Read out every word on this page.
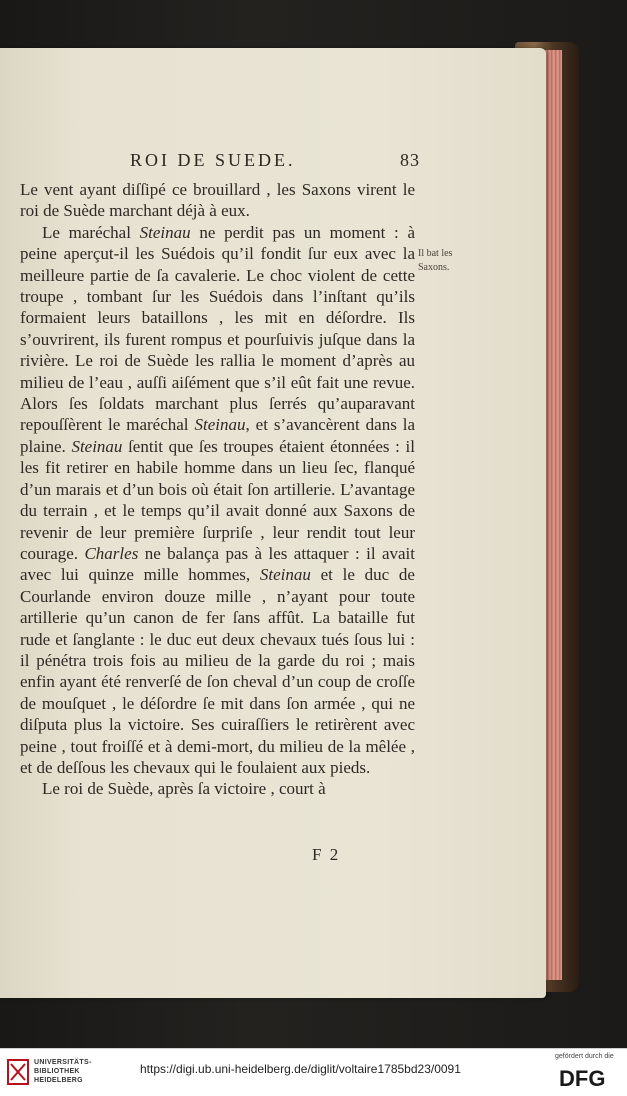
ROI DE SUEDE.	83

Le vent ayant diſſipé ce brouillard , les Saxons virent le roi de Suède marchant déjà à eux.

Le maréchal Steinau ne perdit pas un moment : à peine aperçut-il les Suédois qu’il fondit ſur eux avec la meilleure partie de ſa cavalerie. Le choc violent de cette troupe , tombant ſur les Suédois dans l’inſtant qu’ils formaient leurs bataillons , les mit en déſordre. Ils s’ouvrirent, ils furent rompus et pourſuivis juſque dans la rivière. Le roi de Suède les rallia le moment d’après au milieu de l’eau , auſſi aiſément que s’il eût fait une revue. Alors ſes ſoldats marchant plus ſerrés qu’auparavant repouſſèrent le maréchal Steinau, et s’avancèrent dans la plaine. Steinau ſentit que ſes troupes étaient étonnées : il les fit retirer en habile homme dans un lieu ſec, flanqué d’un marais et d’un bois où était ſon artillerie. L’avantage du terrain , et le temps qu’il avait donné aux Saxons de revenir de leur première ſurpriſe , leur rendit tout leur courage. Charles ne balança pas à les attaquer : il avait avec lui quinze mille hommes, Steinau et le duc de Courlande environ douze mille , n’ayant pour toute artillerie qu’un canon de fer ſans affût. La bataille fut rude et ſanglante : le duc eut deux chevaux tués ſous lui : il pénétra trois fois au milieu de la garde du roi ; mais enfin ayant été renverſé de ſon cheval d’un coup de croſſe de mouſquet , le déſordre ſe mit dans ſon armée , qui ne diſputa plus la victoire. Ses cuiraſſiers le retirèrent avec peine , tout froiſſé et à demi-mort, du milieu de la mêlée , et de deſſous les chevaux qui le foulaient aux pieds.

Le roi de Suède, après ſa victoire , court à

Il bat les
Saxons.
F 2
UNIVERSITÄTS-
BIBLIOTHEK
HEIDELBERG
https://digi.ub.uni-heidelberg.de/diglit/voltaire1785bd23/0091
gefördert durch die
DFG
